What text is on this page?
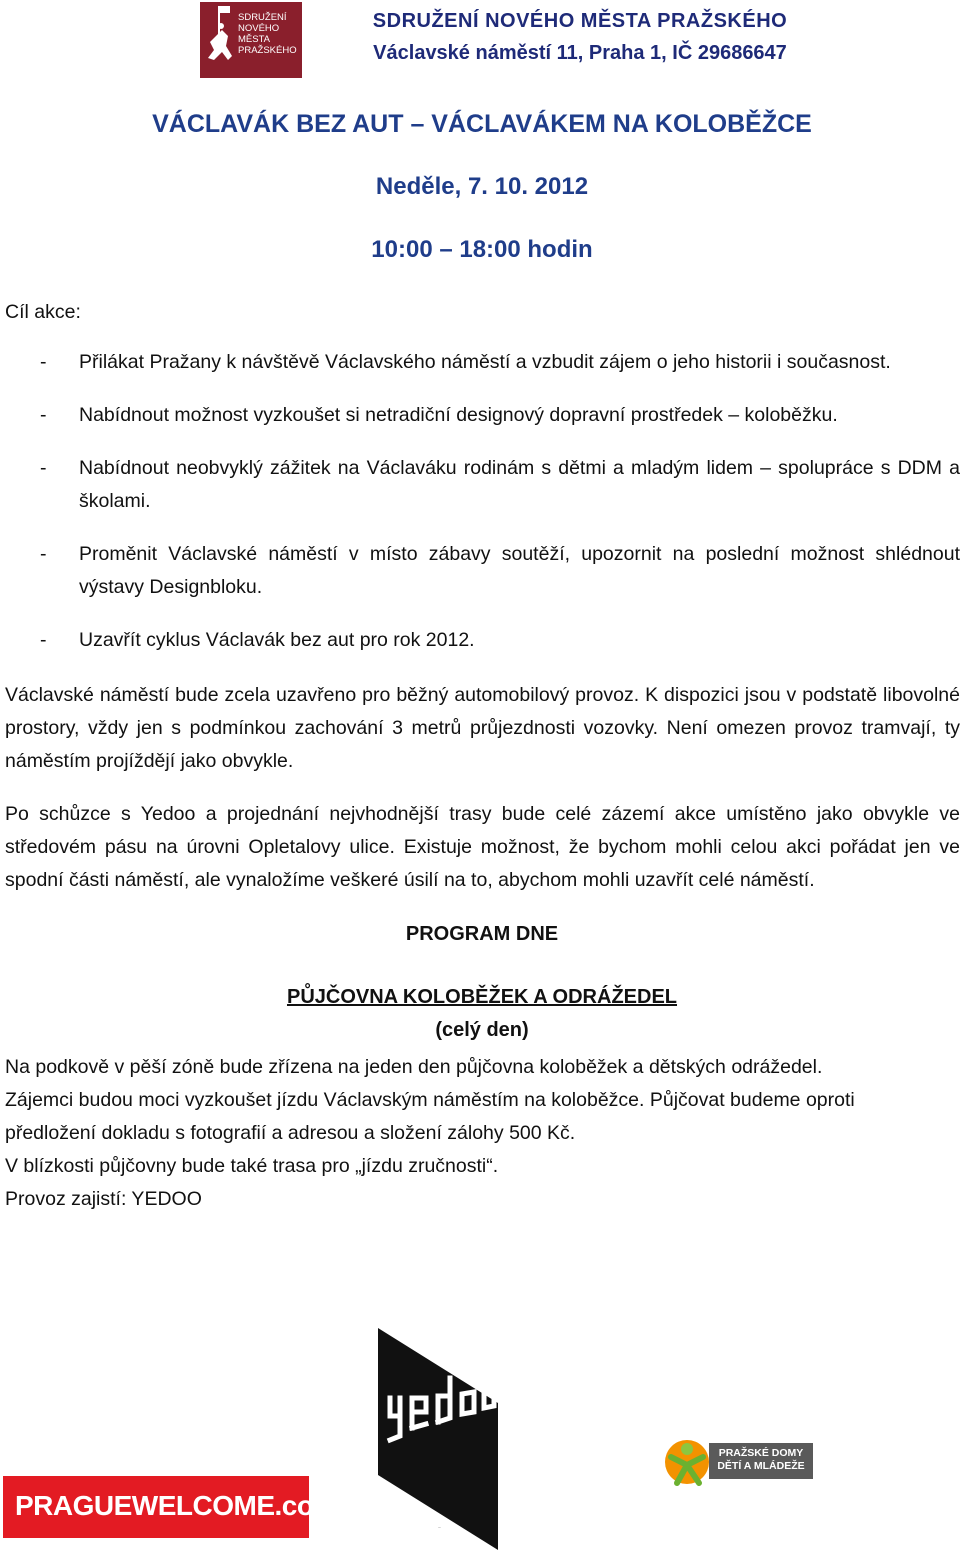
SDRUŽENÍ
NOVÉHO
MĚSTA
PRAŽSKÉHO
SDRUŽENÍ NOVÉHO MĚSTA PRAŽSKÉHO
Václavské náměstí 11, Praha 1, IČ 29686647
VÁCLAVÁK BEZ AUT – VÁCLAVÁKEM NA KOLOBĚŽCE
Neděle, 7. 10. 2012
10:00 – 18:00 hodin
Cíl akce:
- Přilákat Pražany k návštěvě Václavského náměstí a vzbudit zájem o jeho historii i současnost.
- Nabídnout možnost vyzkoušet si netradiční designový dopravní prostředek – koloběžku.
- Nabídnout neobvyklý zážitek na Václaváku rodinám s dětmi a mladým lidem – spolupráce s DDM a školami.
- Proměnit Václavské náměstí v místo zábavy soutěží, upozornit na poslední možnost shlédnout výstavy Designbloku.
- Uzavřít cyklus Václavák bez aut pro rok 2012.
Václavské náměstí bude zcela uzavřeno pro běžný automobilový provoz. K dispozici jsou v podstatě libovolné prostory, vždy jen s podmínkou zachování 3 metrů průjezdnosti vozovky. Není omezen provoz tramvají, ty náměstím projíždějí jako obvykle.
Po schůzce s Yedoo a projednání nejvhodnější trasy bude celé zázemí akce umístěno jako obvykle ve středovém pásu na úrovni Opletalovy ulice. Existuje možnost, že bychom mohli celou akci pořádat jen ve spodní části náměstí, ale vynaložíme veškeré úsilí na to, abychom mohli uzavřít celé náměstí.
PROGRAM DNE
PŮJČOVNA KOLOBĚŽEK A ODRÁŽEDEL
(celý den)
Na podkově v pěší zóně bude zřízena na jeden den půjčovna koloběžek a dětských odrážedel.
Zájemci budou moci vyzkoušet jízdu Václavským náměstím na koloběžce. Půjčovat budeme oproti
předložení dokladu s fotografií a adresou a složení zálohy 500 Kč.
V blízkosti půjčovny bude také trasa pro „jízdu zručnosti“.
Provoz zajistí: YEDOO
yedoo
PRAGUEWELCOME.com
PRAŽSKÉ DOMY
DĚTÍ A MLÁDEŽE
